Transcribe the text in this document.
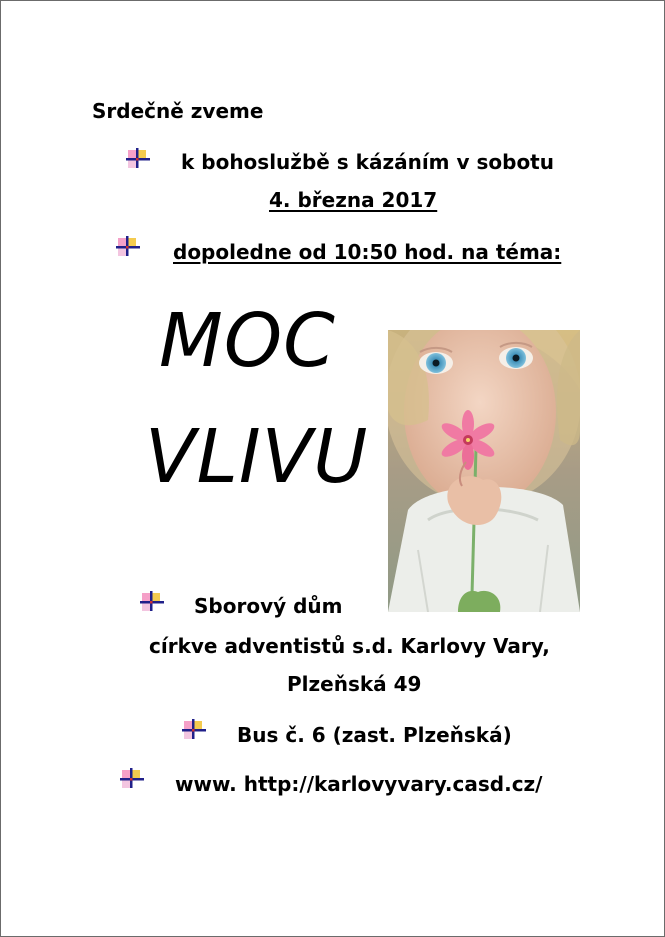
Srdečně zveme
k bohoslužbě s kázáním v sobotu
4. března 2017
dopoledne od 10:50 hod. na téma:
MOC
VLIVU
Sborový dům
církve adventistů s.d. Karlovy Vary,
Plzeňská 49
Bus č. 6 (zast. Plzeňská)
www. http://karlovyvary.casd.cz/
